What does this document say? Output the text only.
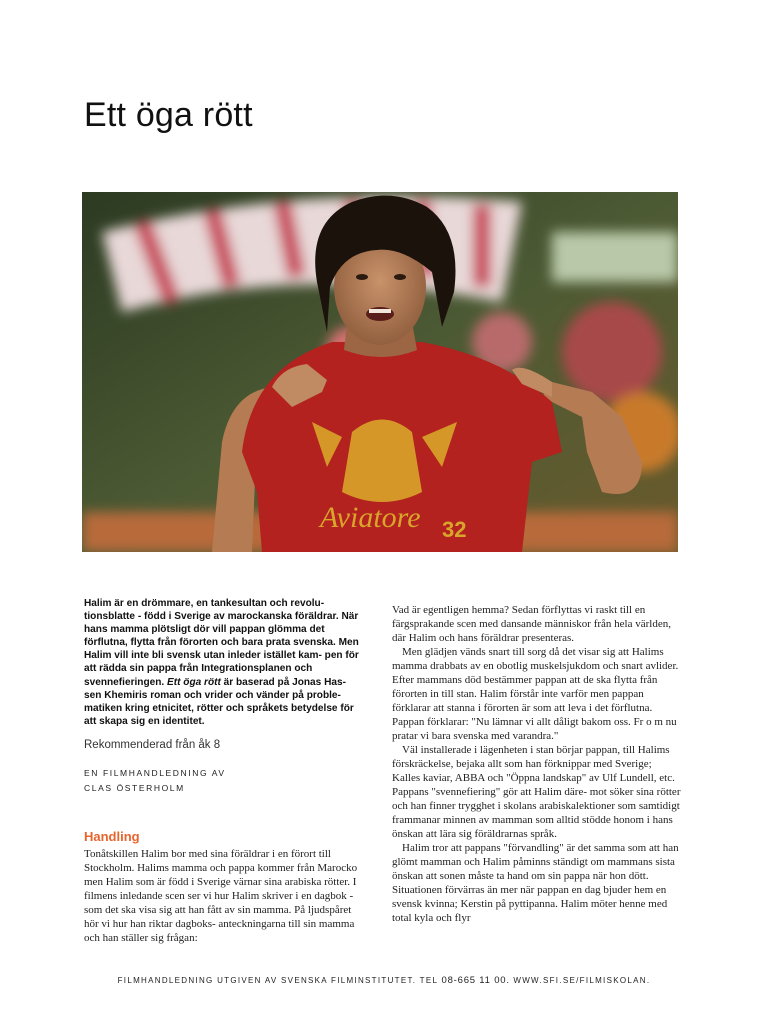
Ett öga rött
Aviatore 32

Halim är en drömmare, en tankesultan och revolu- tionsblatte - född i Sverige av marockanska föräldrar. När hans mamma plötsligt dör vill pappan glömma det förflutna, flytta från förorten och bara prata svenska. Men Halim vill inte bli svensk utan inleder istället kam- pen för att rädda sin pappa från Integrationsplanen och svennefieringen. Ett öga rött är baserad på Jonas Has- sen Khemiris roman och vrider och vänder på proble- matiken kring etnicitet, rötter och språkets betydelse för att skapa sig en identitet.

Rekommenderad från åk 8

EN FILMHANDLEDNING AV
CLAS ÖSTERHOLM
Handling

Tonåtskillen Halim bor med sina föräldrar i en förort till Stockholm. Halims mamma och pappa kommer från Marocko men Halim som är född i Sverige värnar sina arabiska rötter. I filmens inledande scen ser vi hur Halim skriver i en dagbok - som det ska visa sig att han fått av sin mamma. På ljudspåret hör vi hur han riktar dagboks- anteckningarna till sin mamma och han ställer sig frågan:

Vad är egentligen hemma? Sedan förflyttas vi raskt till en färgsprakande scen med dansande människor från hela världen, där Halim och hans föräldrar presenteras.

Men glädjen vänds snart till sorg då det visar sig att Halims mamma drabbats av en obotlig muskelsjukdom och snart avlider. Efter mammans död bestämmer pappan att de ska flytta från förorten in till stan. Halim förstår inte varför men pappan förklarar att stanna i förorten är som att leva i det förflutna. Pappan förklarar: "Nu lämnar vi allt dåligt bakom oss. Fr o m nu pratar vi bara svenska med varandra."

Väl installerade i lägenheten i stan börjar pappan, till Halims förskräckelse, bejaka allt som han förknippar med Sverige; Kalles kaviar, ABBA och "Öppna landskap" av Ulf Lundell, etc. Pappans "svennefiering" gör att Halim däre- mot söker sina rötter och han finner trygghet i skolans arabiskalektioner som samtidigt frammanar minnen av mamman som alltid stödde honom i hans önskan att lära sig föräldrarnas språk.

Halim tror att pappans "förvandling" är det samma som att han glömt mamman och Halim påminns ständigt om mammans sista önskan att sonen måste ta hand om sin pappa när hon dött. Situationen förvärras än mer när pappan en dag bjuder hem en svensk kvinna; Kerstin på pyttipanna. Halim möter henne med total kyla och flyr

FILMHANDLEDNING UTGIVEN AV SVENSKA FILMINSTITUTET. TEL 08-665 11 00. WWW.SFI.SE/FILMISKOLAN.
